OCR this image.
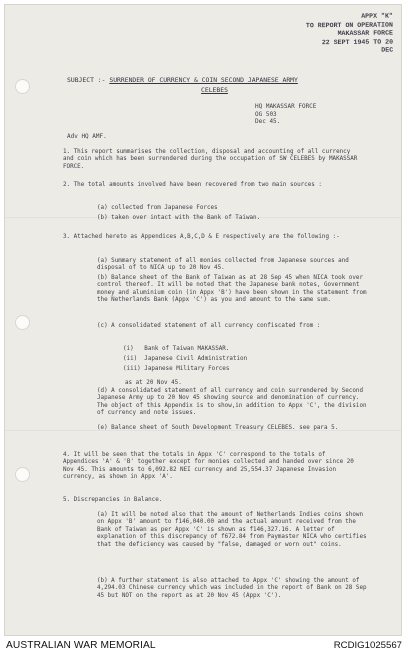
APPX "K"
TO REPORT ON OPERATION
MAKASSAR FORCE
22 SEPT 1945 TO 20
DEC
SUBJECT :- SURRENDER OF CURRENCY & COIN SECOND JAPANESE ARMY
CELEBES
HQ MAKASSAR FORCE
OG 503
Dec 45.
Adv HQ AMF.
1. This report summarises the collection, disposal and accounting of all currency and coin which has been surrendered during the occupation of SW CELEBES by MAKASSAR FORCE.
2. The total amounts involved have been recovered from two main sources :
(a) collected from Japanese Forces
(b) taken over intact with the Bank of Taiwan.
3. Attached hereto as Appendices A,B,C,D & E respectively are the following :-
(a) Summary statement of all monies collected from Japanese sources and disposal of to NICA up to 20 Nov 45.
(b) Balance sheet of the Bank of Taiwan as at 28 Sep 45 when NICA took over control thereof. It will be noted that the Japanese bank notes, Government money and aluminium coin (in Appx 'B') have been shown in the statement from the Netherlands Bank (Appx 'C') as you and amount to the same sum.
(c) A consolidated statement of all currency confiscated from :
(i)   Bank of Taiwan MAKASSAR.
(ii)  Japanese Civil Administration
(iii) Japanese Military Forces
as at 20 Nov 45.
(d) A consolidated statement of all currency and coin surrendered by Second Japanese Army up to 20 Nov 45 showing source and denomination of currency. The object of this Appendix is to show,in addition to Appx 'C', the division of currency and note issues.
(e) Balance sheet of South Development Treasury CELEBES. see para 5.
4. It will be seen that the totals in Appx 'C' correspond to the totals of Appendices 'A' & 'B' together except for monies collected and handed over since 20 Nov 45. This amounts to 6,092.82 NEI currency and 25,554.37 Japanese Invasion currency, as shown in Appx 'A'.
5. Discrepancies in Balance.
(a) It will be noted also that the amount of Netherlands Indies coins shown on Appx 'B' amount to f146,040.00 and the actual amount received from the Bank of Taiwan as per Appx 'C' is shown as f146,327.16. A letter of explanation of this discrepancy of f672.84 from Paymaster NICA who certifies that the deficiency was caused by "false, damaged or worn out" coins.
(b) A further statement is also attached to Appx 'C' showing the amount of 4,294.03 Chinese currency which was included in the report of Bank on 28 Sep 45 but NOT on the report as at 20 Nov 45 (Appx 'C').
AUSTRALIAN WAR MEMORIAL	RCDIG1025567
